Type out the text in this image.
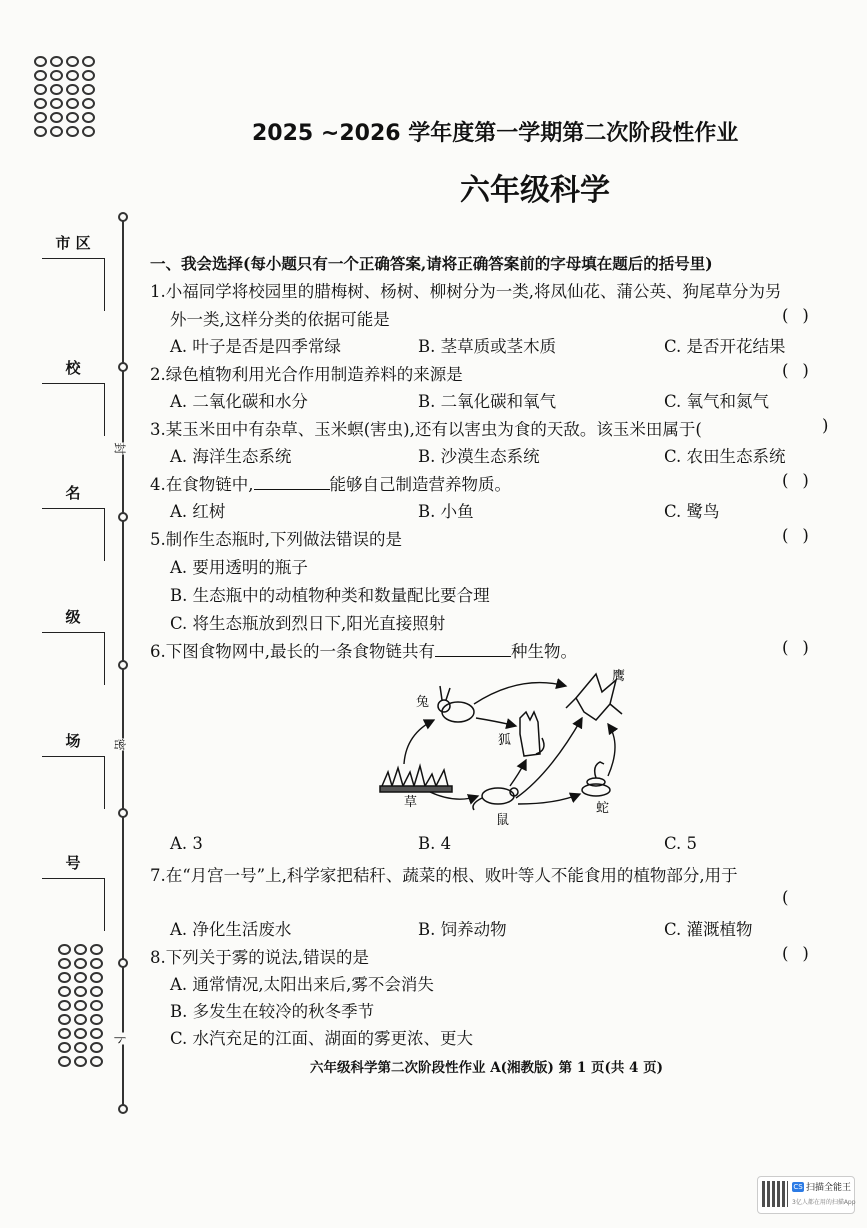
2025 ~2026 学年度第一学期第二次阶段性作业
六年级科学
市 区
校
名
级
场
号
封
密
卜
一、我会选择(每小题只有一个正确答案,请将正确答案前的字母填在题后的括号里)
1.小福同学将校园里的腊梅树、杨树、柳树分为一类,将凤仙花、蒲公英、狗尾草分为另
外一类,这样分类的依据可能是	()
A. 叶子是否是四季常绿	B. 茎草质或茎木质	C. 是否开花结果
2.绿色植物利用光合作用制造养料的来源是	()
A. 二氧化碳和水分	B. 二氧化碳和氧气	C. 氧气和氮气
3.某玉米田中有杂草、玉米螟(害虫),还有以害虫为食的天敌。该玉米田属于(	)
A. 海洋生态系统	B. 沙漠生态系统	C. 农田生态系统
4.在食物链中,	能够自己制造营养物质。	()
A. 红树	B. 小鱼	C. 鹭鸟
5.制作生态瓶时,下列做法错误的是	()
A. 要用透明的瓶子
B. 生态瓶中的动植物种类和数量配比要合理
C. 将生态瓶放到烈日下,阳光直接照射
6.下图食物网中,最长的一条食物链共有	种生物。	()
兔
鹰
狐
草
鼠
蛇
A. 3	B. 4	C. 5
7.在“月宫一号”上,科学家把秸秆、蔬菜的根、败叶等人不能食用的植物部分,用于
(
A. 净化生活废水	B. 饲养动物	C. 灌溉植物
8.下列关于雾的说法,错误的是	()
A. 通常情况,太阳出来后,雾不会消失
B. 多发生在较冷的秋冬季节
C. 水汽充足的江面、湖面的雾更浓、更大
六年级科学第二次阶段性作业 A(湘教版) 第 1 页(共 4 页)
CS 扫描全能王
3亿人都在用的扫描App
